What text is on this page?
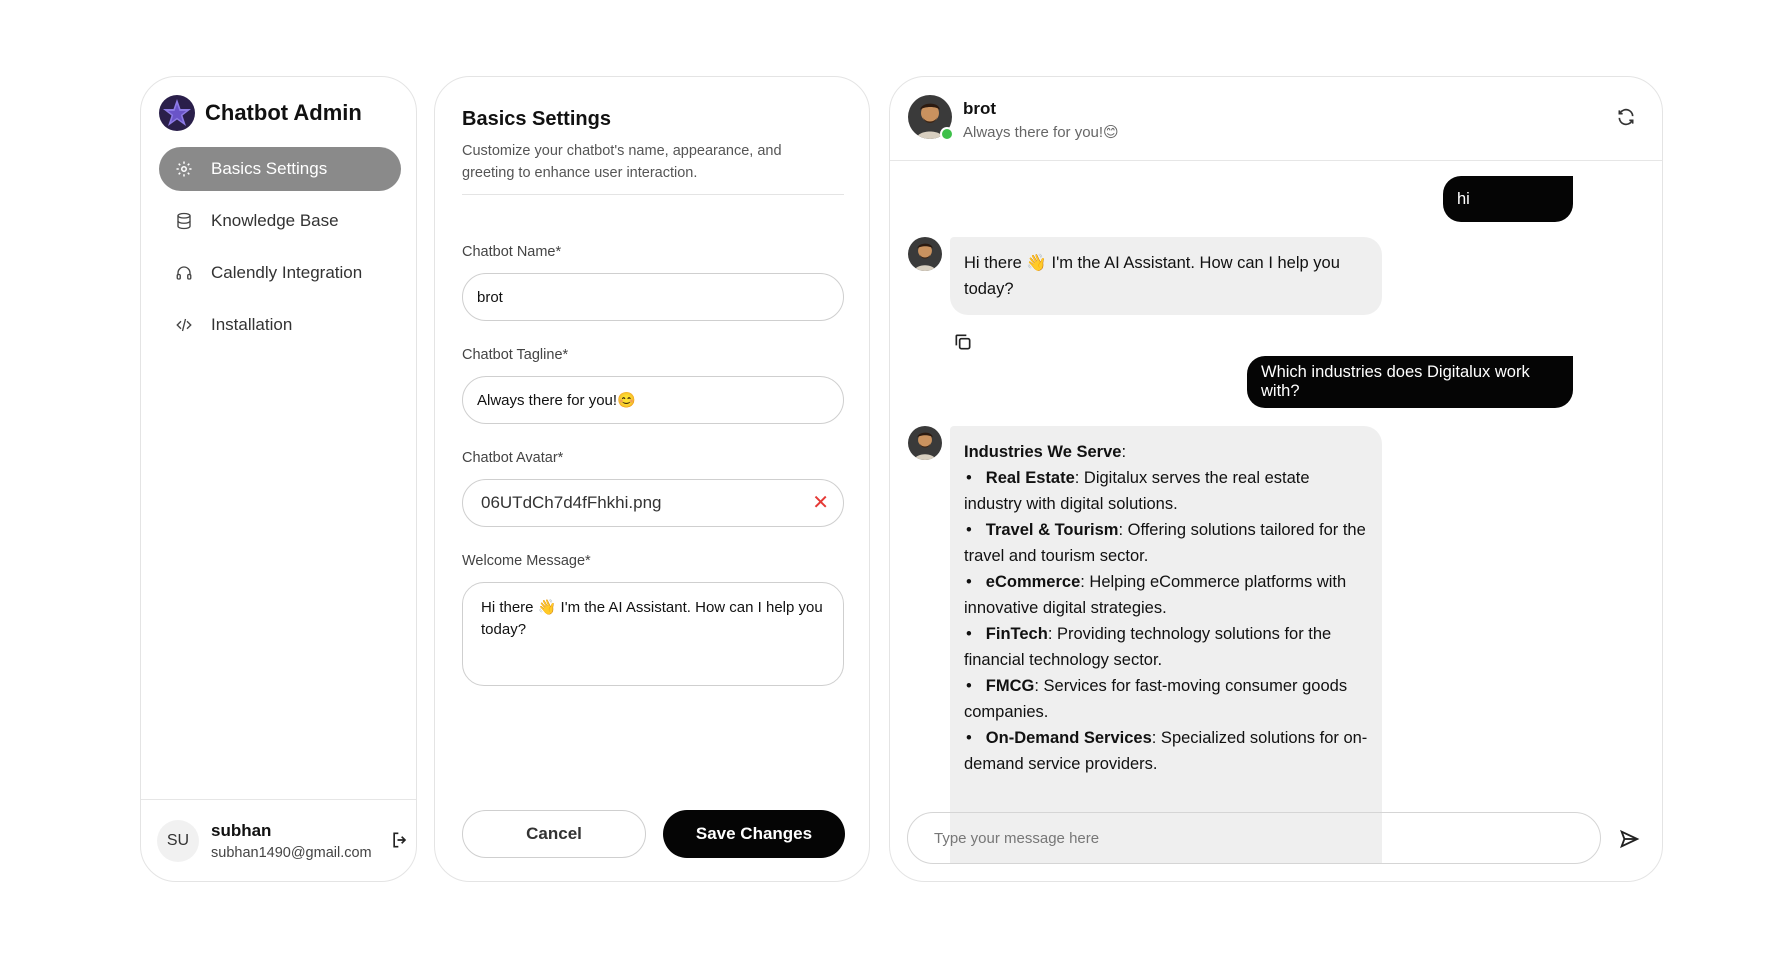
Chatbot Admin
Basics Settings
Knowledge Base
Calendly Integration
Installation
SU
subhan
subhan1490@gmail.com
Basics Settings
Customize your chatbot's name, appearance, and greeting to enhance user interaction.
Chatbot Name*
brot
Chatbot Tagline*
Always there for you!😊
Chatbot Avatar*
06UTdCh7d4fFhkhi.png	✕
Welcome Message*
Hi there 👋 I'm the AI Assistant. How can I help you today?
Cancel	Save Changes
brot
Always there for you!😊
hi
Hi there 👋 I'm the AI Assistant. How can I help you today?
Which industries does Digitalux work with?
Industries We Serve:
• Real Estate: Digitalux serves the real estate industry with digital solutions.
• Travel & Tourism: Offering solutions tailored for the travel and tourism sector.
• eCommerce: Helping eCommerce platforms with innovative digital strategies.
• FinTech: Providing technology solutions for the financial technology sector.
• FMCG: Services for fast-moving consumer goods companies.
• On-Demand Services: Specialized solutions for on-demand service providers.
Type your message here
